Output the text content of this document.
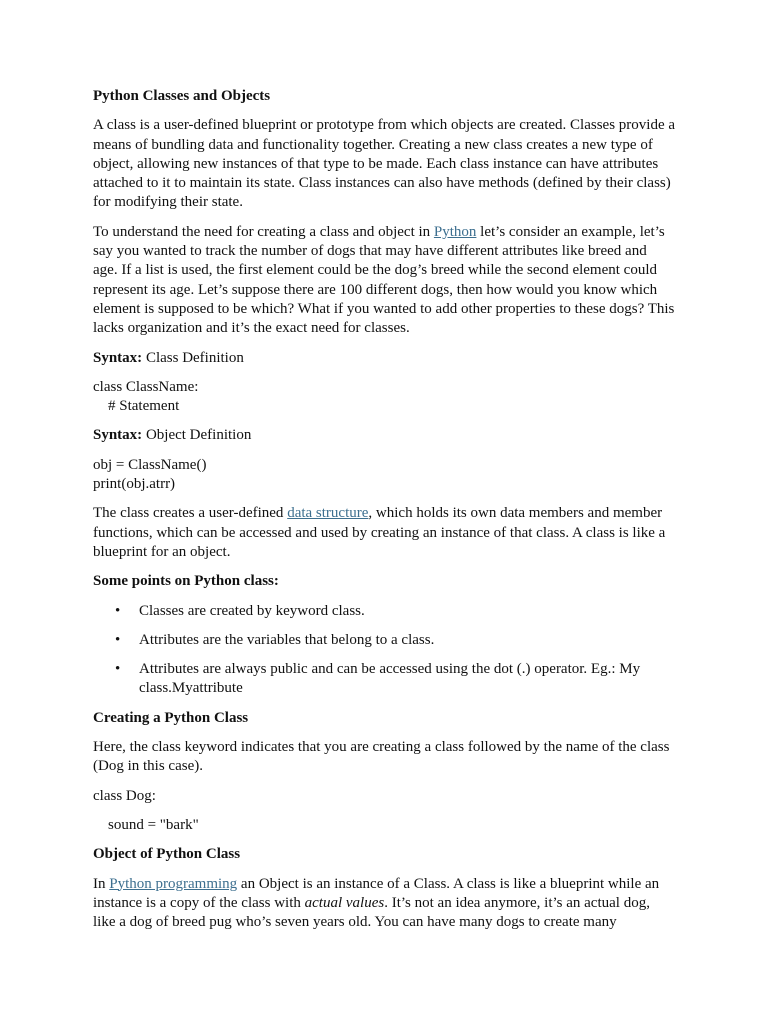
Python Classes and Objects

A class is a user-defined blueprint or prototype from which objects are created. Classes provide a means of bundling data and functionality together. Creating a new class creates a new type of object, allowing new instances of that type to be made. Each class instance can have attributes attached to it to maintain its state. Class instances can also have methods (defined by their class) for modifying their state.

To understand the need for creating a class and object in Python let’s consider an example, let’s say you wanted to track the number of dogs that may have different attributes like breed and age. If a list is used, the first element could be the dog’s breed while the second element could represent its age. Let’s suppose there are 100 different dogs, then how would you know which element is supposed to be which? What if you wanted to add other properties to these dogs? This lacks organization and it’s the exact need for classes.

Syntax: Class Definition

class ClassName:
# Statement

Syntax: Object Definition

obj = ClassName()
print(obj.atrr)

The class creates a user-defined data structure, which holds its own data members and member functions, which can be accessed and used by creating an instance of that class. A class is like a blueprint for an object.

Some points on Python class:

• Classes are created by keyword class.
• Attributes are the variables that belong to a class.
• Attributes are always public and can be accessed using the dot (.) operator. Eg.: My class.Myattribute

Creating a Python Class

Here, the class keyword indicates that you are creating a class followed by the name of the class (Dog in this case).

class Dog:

sound = "bark"

Object of Python Class

In Python programming an Object is an instance of a Class. A class is like a blueprint while an instance is a copy of the class with actual values. It’s not an idea anymore, it’s an actual dog, like a dog of breed pug who’s seven years old. You can have many dogs to create many
